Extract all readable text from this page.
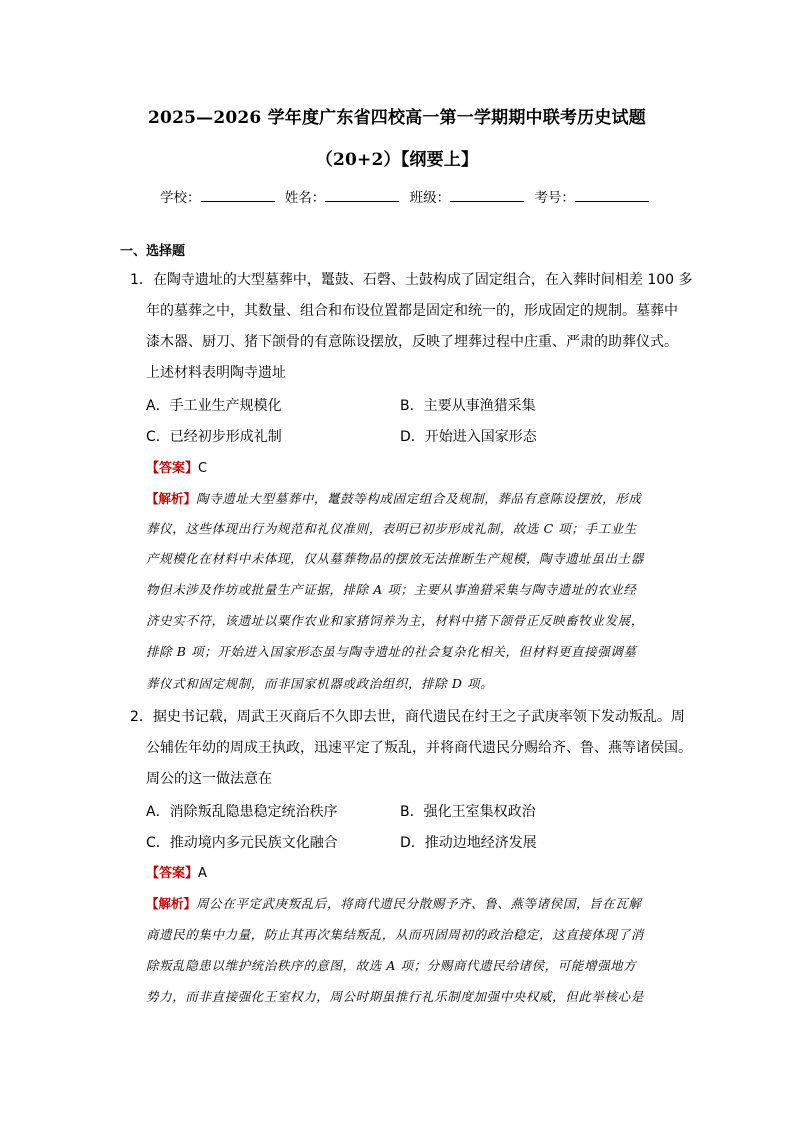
2025—2026 学年度广东省四校高一第一学期期中联考历史试题
（20+2）【纲要上】
学校：	姓名：	班级：	考号：
一、选择题
1．在陶寺遗址的大型墓葬中，鼍鼓、石磬、土鼓构成了固定组合，在入葬时间相差 100 多
年的墓葬之中，其数量、组合和布设位置都是固定和统一的，形成固定的规制。墓葬中
漆木器、厨刀、猪下颌骨的有意陈设摆放，反映了埋葬过程中庄重、严肃的助葬仪式。
上述材料表明陶寺遗址
A．手工业生产规模化	B．主要从事渔猎采集
C．已经初步形成礼制	D．开始进入国家形态
【答案】C
【解析】陶寺遗址大型墓葬中，鼍鼓等构成固定组合及规制，葬品有意陈设摆放，形成
葬仪，这些体现出行为规范和礼仪准则，表明已初步形成礼制，故选 C 项；手工业生
产规模化在材料中未体现，仅从墓葬物品的摆放无法推断生产规模，陶寺遗址虽出土器
物但未涉及作坊或批量生产证据，排除 A 项；主要从事渔猎采集与陶寺遗址的农业经
济史实不符，该遗址以粟作农业和家猪饲养为主，材料中猪下颌骨正反映畜牧业发展，
排除 B 项；开始进入国家形态虽与陶寺遗址的社会复杂化相关，但材料更直接强调墓
葬仪式和固定规制，而非国家机器或政治组织，排除 D 项。
2．据史书记载，周武王灭商后不久即去世，商代遗民在纣王之子武庚率领下发动叛乱。周
公辅佐年幼的周成王执政，迅速平定了叛乱，并将商代遗民分赐给齐、鲁、燕等诸侯国。
周公的这一做法意在
A．消除叛乱隐患稳定统治秩序	B．强化王室集权政治
C．推动境内多元民族文化融合	D．推动边地经济发展
【答案】A
【解析】周公在平定武庚叛乱后，将商代遗民分散赐予齐、鲁、燕等诸侯国，旨在瓦解
商遗民的集中力量，防止其再次集结叛乱，从而巩固周初的政治稳定，这直接体现了消
除叛乱隐患以维护统治秩序的意图，故选 A 项；分赐商代遗民给诸侯，可能增强地方
势力，而非直接强化王室权力，周公时期虽推行礼乐制度加强中央权威，但此举核心是
